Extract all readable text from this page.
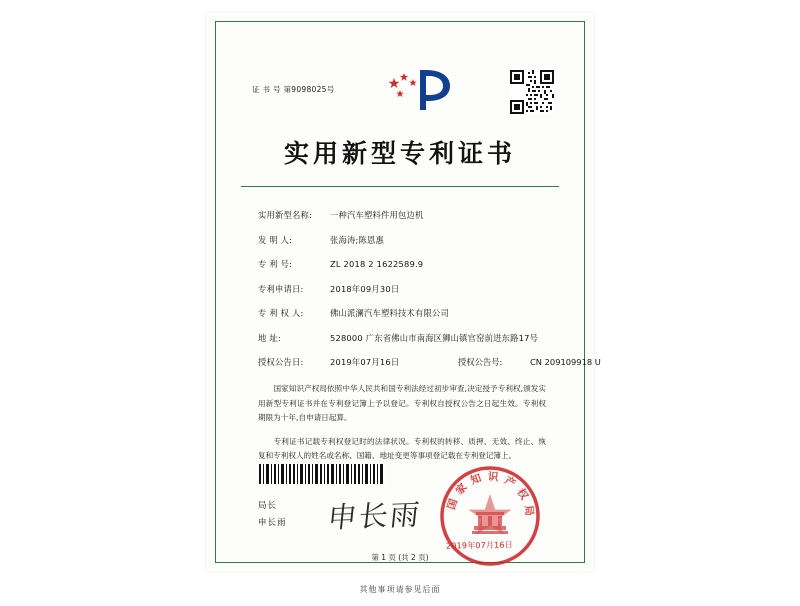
证 书 号 第9098025号
实用新型专利证书
实用新型名称:	一种汽车塑料件用包边机
发 明 人:	张海涛;陈恩惠
专 利 号:	ZL 2018 2 1622589.9
专利申请日:	2018年09月30日
专 利 权 人:	佛山派澜汽车塑料技术有限公司
地 址:	528000 广东省佛山市南海区狮山镇官窑前进东路17号
授权公告日:	2019年07月16日	授权公告号:	CN 209109918 U

国家知识产权局依照中华人民共和国专利法经过初步审查,决定授予专利权,颁发实用新型专利证书并在专利登记簿上予以登记。专利权自授权公告之日起生效。专利权期限为十年,自申请日起算。

专利证书记载专利权登记时的法律状况。专利权的转移、质押、无效、终止、恢复和专利权人的姓名或名称、国籍、地址变更等事项登记载在专利登记簿上。

局长
申长雨 申长雨 国 家 知 识 产 权 局
2019年07月16日
第 1 页 (共 2 页)
其他事项请参见后面
